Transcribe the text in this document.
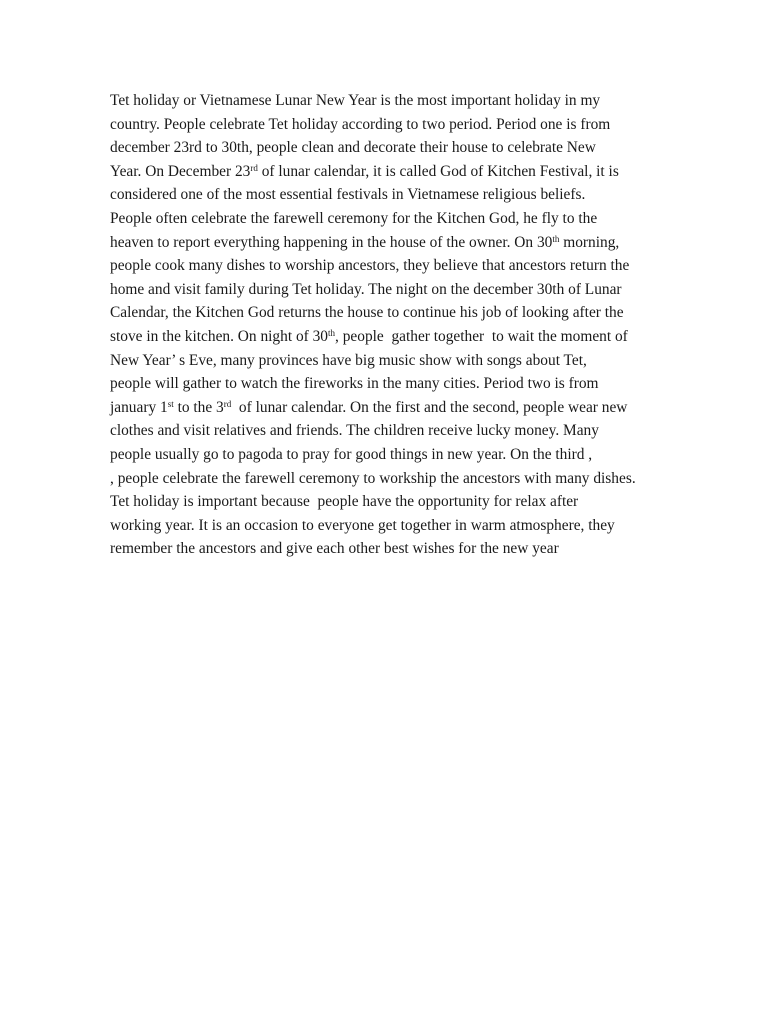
Tet holiday or Vietnamese Lunar New Year is the most important holiday in my
country. People celebrate Tet holiday according to two period. Period one is from
december 23rd to 30th, people clean and decorate their house to celebrate New
Year. On December 23rd of lunar calendar, it is called God of Kitchen Festival, it is
considered one of the most essential festivals in Vietnamese religious beliefs.
People often celebrate the farewell ceremony for the Kitchen God, he fly to the
heaven to report everything happening in the house of the owner. On 30th morning,
people cook many dishes to worship ancestors, they believe that ancestors return the
home and visit family during Tet holiday. The night on the december 30th of Lunar
Calendar, the Kitchen God returns the house to continue his job of looking after the
stove in the kitchen. On night of 30th, people  gather together  to wait the moment of
New Year’ s Eve, many provinces have big music show with songs about Tet,
people will gather to watch the fireworks in the many cities. Period two is from
january 1st to the 3rd  of lunar calendar. On the first and the second, people wear new
clothes and visit relatives and friends. The children receive lucky money. Many
people usually go to pagoda to pray for good things in new year. On the third ,
, people celebrate the farewell ceremony to workship the ancestors with many dishes.
Tet holiday is important because  people have the opportunity for relax after
working year. It is an occasion to everyone get together in warm atmosphere, they
remember the ancestors and give each other best wishes for the new year
